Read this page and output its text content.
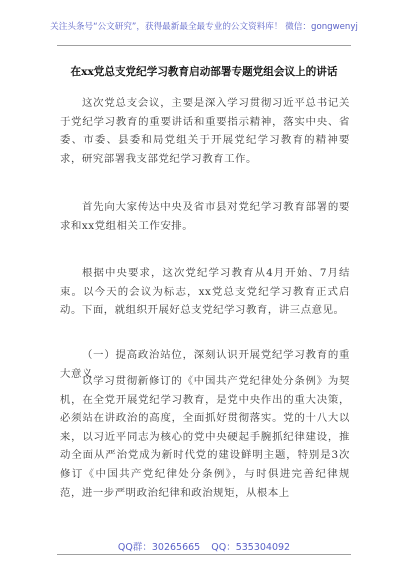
关注头条号“公文研究”，获得最新最全最专业的公文资料库！ 微信：gongwenyj
在xx党总支党纪学习教育启动部署专题党组会议上的讲话
这次党总支会议，主要是深入学习贯彻习近平总书记关于党纪学习教育的重要讲话和重要指示精神，落实中央、省委、市委、县委和局党组关于开展党纪学习教育的精神要求，研究部署我支部党纪学习教育工作。
首先向大家传达中央及省市县对党纪学习教育部署的要求和xx党组相关工作安排。
根据中央要求，这次党纪学习教育从4月开始、7月结束。以今天的会议为标志，xx党总支党纪学习教育正式启动。下面，就组织开展好总支党纪学习教育，讲三点意见。
（一）提高政治站位，深刻认识开展党纪学习教育的重大意义
以学习贯彻新修订的《中国共产党纪律处分条例》为契机，在全党开展党纪学习教育，是党中央作出的重大决策，必须站在讲政治的高度，全面抓好贯彻落实。党的十八大以来，以习近平同志为核心的党中央硬起手腕抓纪律建设，推动全面从严治党成为新时代党的建设鲜明主题，特别是3次修订《中国共产党纪律处分条例》，与时俱进完善纪律规范，进一步严明政治纪律和政治规矩，从根本上
QQ群：30265665 QQ：535304092
